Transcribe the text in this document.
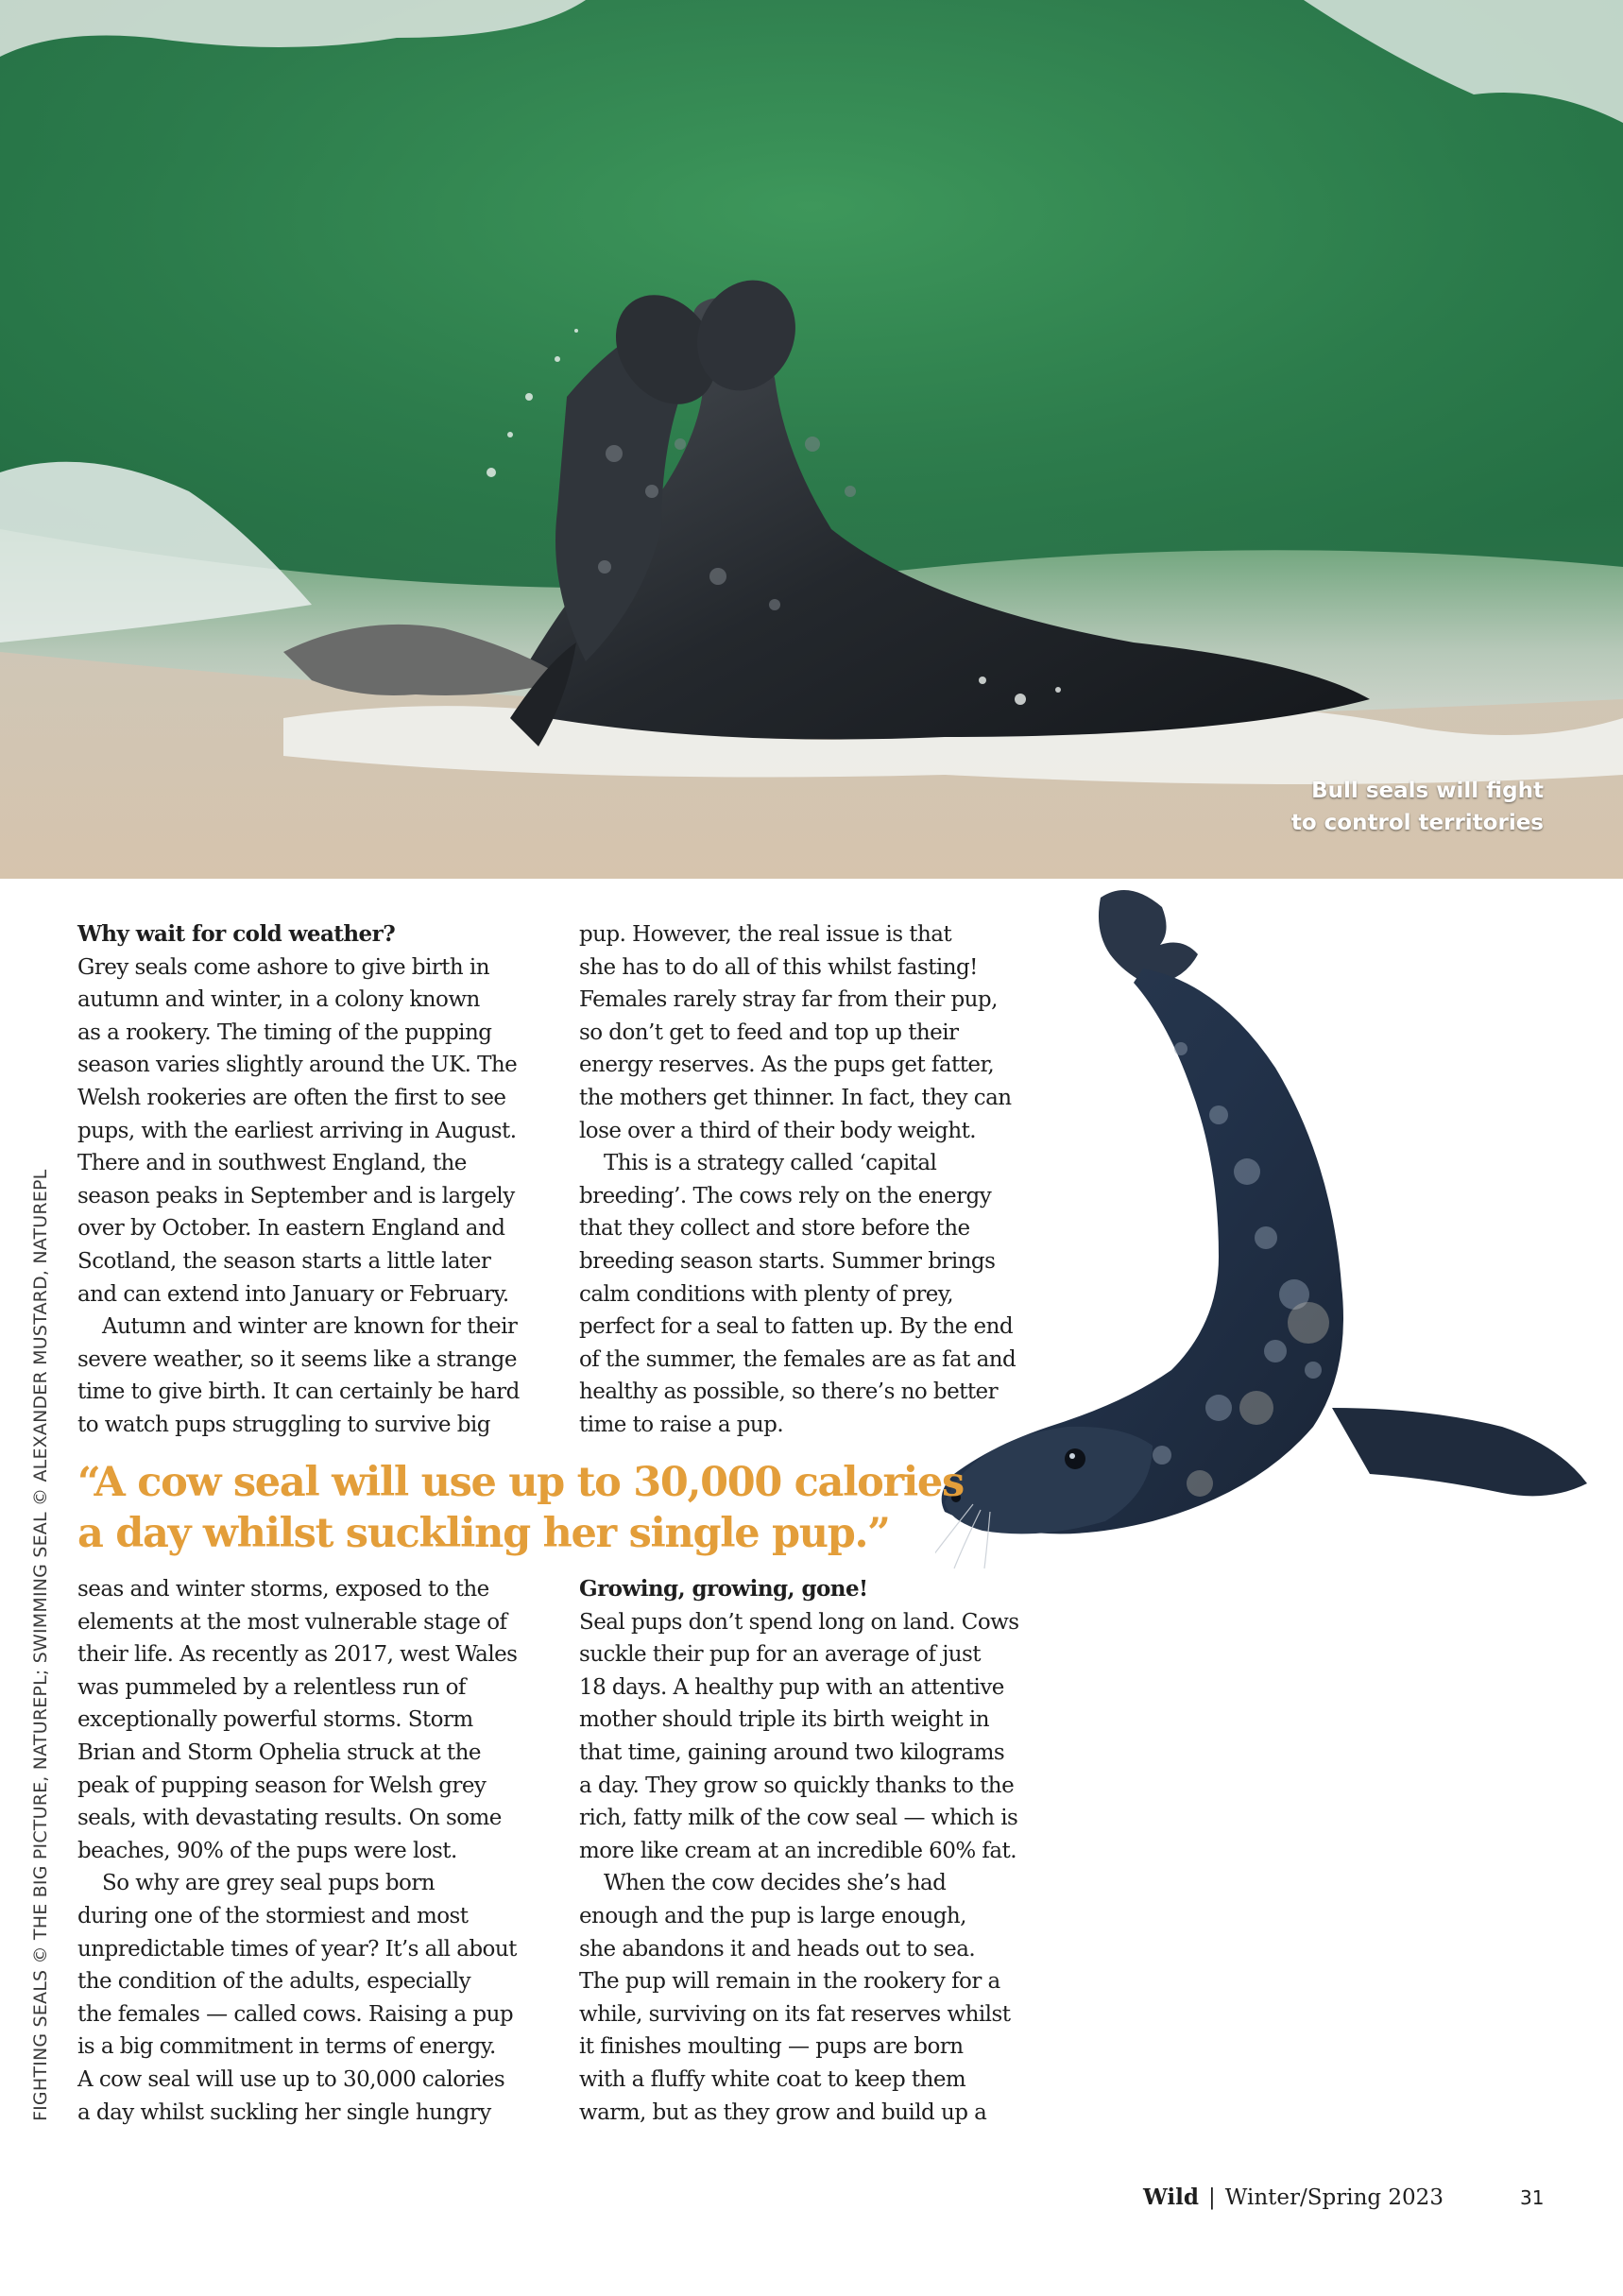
Bull seals will fight
to control territories
FIGHTING SEALS © THE BIG PICTURE, NATUREPL; SWIMMING SEAL © ALEXANDER MUSTARD, NATUREPL
Why wait for cold weather?
Grey seals come ashore to give birth in
autumn and winter, in a colony known
as a rookery. The timing of the pupping
season varies slightly around the UK. The
Welsh rookeries are often the first to see
pups, with the earliest arriving in August.
There and in southwest England, the
season peaks in September and is largely
over by October. In eastern England and
Scotland, the season starts a little later
and can extend into January or February.
Autumn and winter are known for their
severe weather, so it seems like a strange
time to give birth. It can certainly be hard
to watch pups struggling to survive big
pup. However, the real issue is that
she has to do all of this whilst fasting!
Females rarely stray far from their pup,
so don’t get to feed and top up their
energy reserves. As the pups get fatter,
the mothers get thinner. In fact, they can
lose over a third of their body weight.
This is a strategy called ‘capital
breeding’. The cows rely on the energy
that they collect and store before the
breeding season starts. Summer brings
calm conditions with plenty of prey,
perfect for a seal to fatten up. By the end
of the summer, the females are as fat and
healthy as possible, so there’s no better
time to raise a pup.
“A cow seal will use up to 30,000 calories
a day whilst suckling her single pup.”
seas and winter storms, exposed to the
elements at the most vulnerable stage of
their life. As recently as 2017, west Wales
was pummeled by a relentless run of
exceptionally powerful storms. Storm
Brian and Storm Ophelia struck at the
peak of pupping season for Welsh grey
seals, with devastating results. On some
beaches, 90% of the pups were lost.
So why are grey seal pups born
during one of the stormiest and most
unpredictable times of year? It’s all about
the condition of the adults, especially
the females — called cows. Raising a pup
is a big commitment in terms of energy.
A cow seal will use up to 30,000 calories
a day whilst suckling her single hungry
Growing, growing, gone!
Seal pups don’t spend long on land. Cows
suckle their pup for an average of just
18 days. A healthy pup with an attentive
mother should triple its birth weight in
that time, gaining around two kilograms
a day. They grow so quickly thanks to the
rich, fatty milk of the cow seal — which is
more like cream at an incredible 60% fat.
When the cow decides she’s had
enough and the pup is large enough,
she abandons it and heads out to sea.
The pup will remain in the rookery for a
while, surviving on its fat reserves whilst
it finishes moulting — pups are born
with a fluffy white coat to keep them
warm, but as they grow and build up a
Wild | Winter/Spring 2023	31
